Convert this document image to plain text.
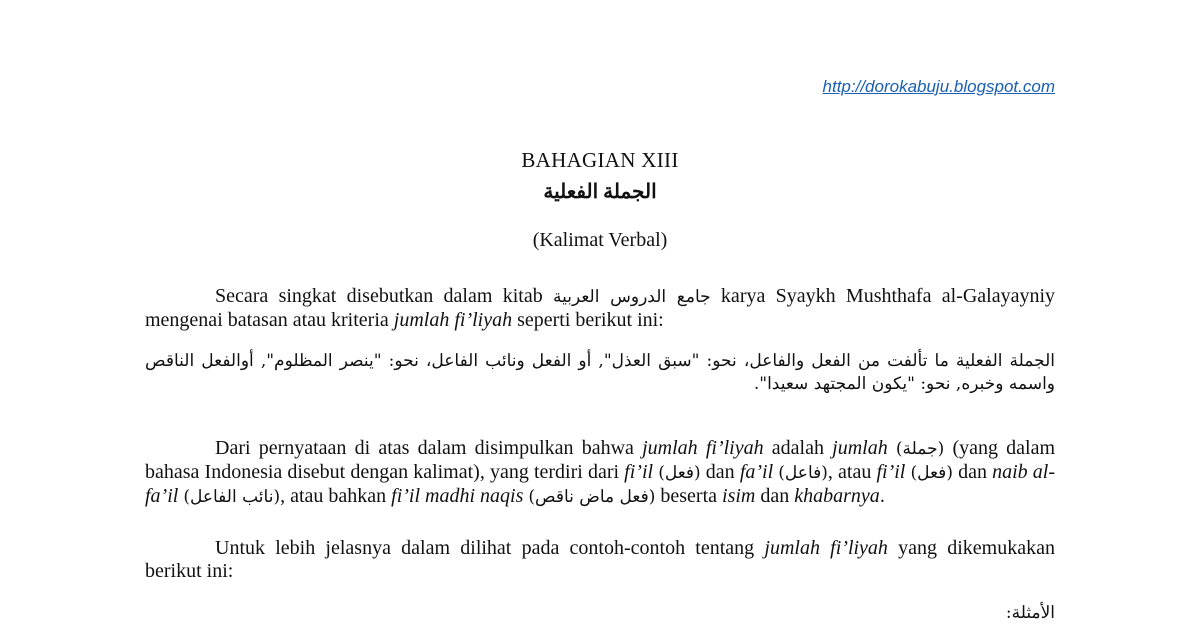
http://dorokabuju.blogspot.com
BAHAGIAN XIII
الجملة الفعلية
(Kalimat Verbal)
Secara singkat disebutkan dalam kitab جامع الدروس العربية karya Syaykh Mushthafa al-Galayayniy mengenai batasan atau kriteria jumlah fi’liyah seperti berikut ini:
الجملة الفعلية ما تألفت من الفعل والفاعل، نحو: "سبق العذل", أو الفعل ونائب الفاعل، نحو: "ينصر المظلوم", أوالفعل الناقص واسمه وخبره, نحو: "يكون المجتهد سعيدا".
Dari pernyataan di atas dalam disimpulkan bahwa jumlah fi’liyah adalah jumlah (جملة) (yang dalam bahasa Indonesia disebut dengan kalimat), yang terdiri dari fi’il (فعل) dan fa’il (فاعل), atau fi’il (فعل) dan naib al-fa’il (نائب الفاعل), atau bahkan fi’il madhi naqis (فعل ماض ناقص) beserta isim dan khabarnya.
Untuk lebih jelasnya dalam dilihat pada contoh-contoh tentang jumlah fi’liyah yang dikemukakan berikut ini:
الأمثلة:
